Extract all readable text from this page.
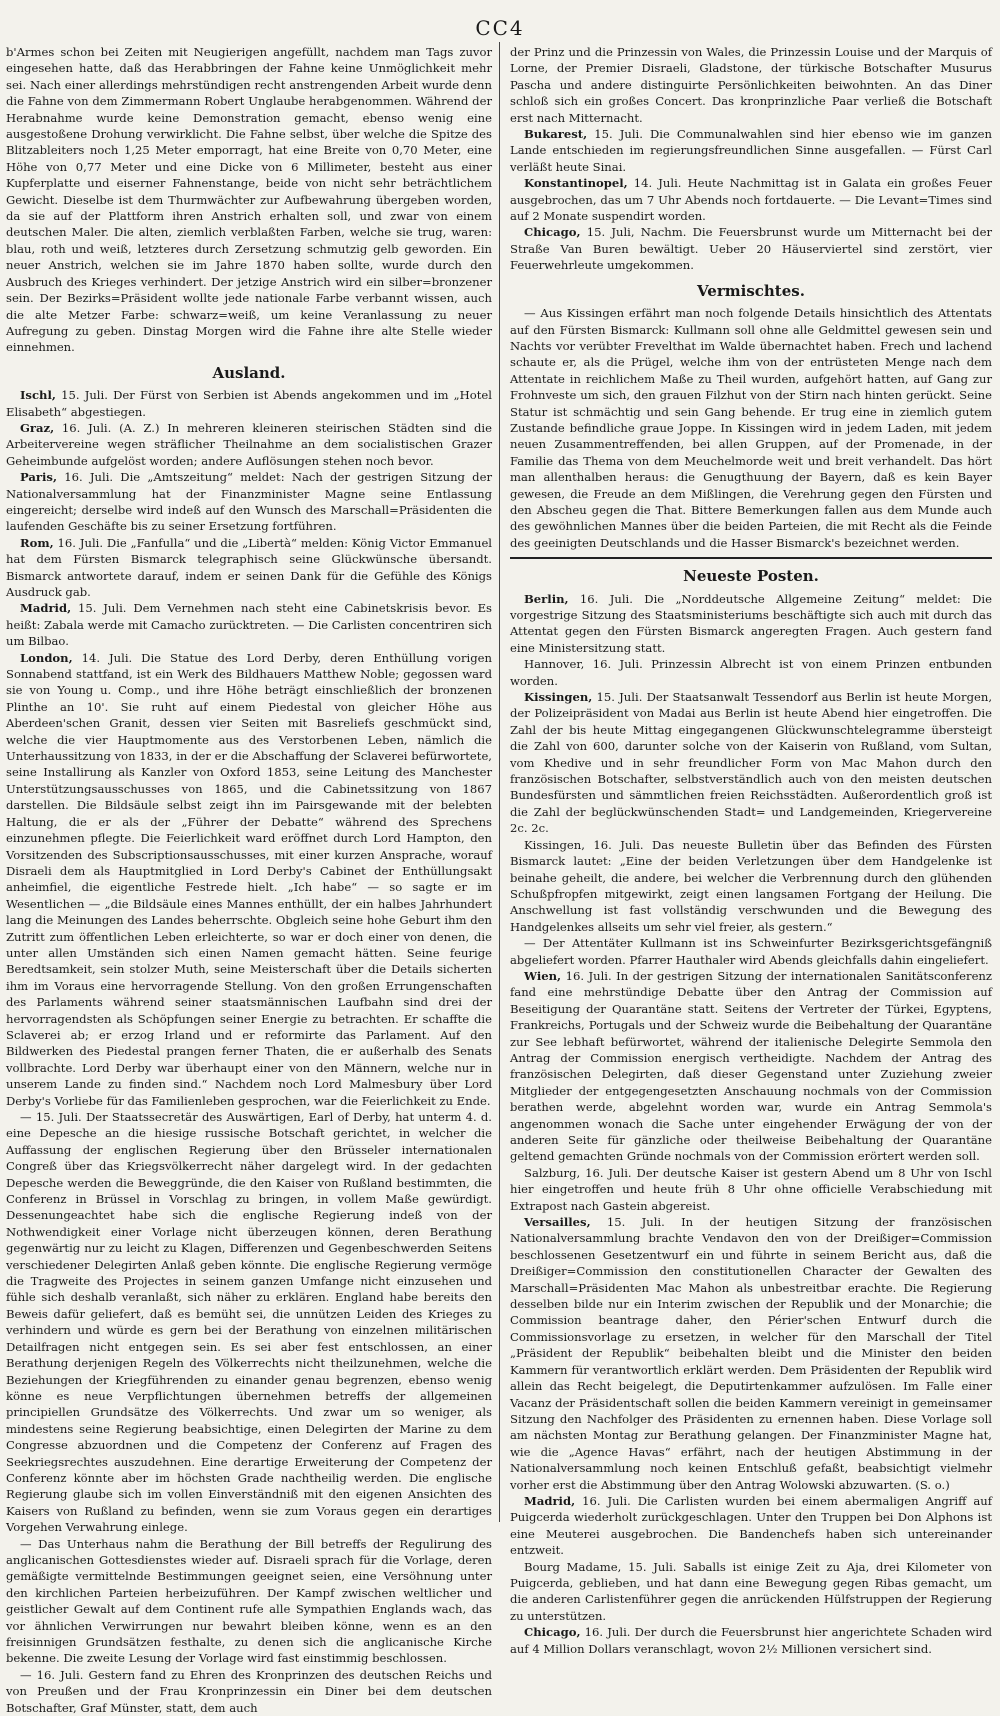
CC4

b'Armes schon bei Zeiten mit Neugierigen angefüllt, nachdem man Tags zuvor eingesehen hatte, daß das Herabbringen der Fahne keine Unmöglichkeit mehr sei. Nach einer allerdings mehrstündigen recht anstrengenden Arbeit wurde denn die Fahne von dem Zimmermann Robert Unglaube herabgenommen. Während der Herabnahme wurde keine Demonstration gemacht, ebenso wenig eine ausgestoßene Drohung verwirklicht. Die Fahne selbst, über welche die Spitze des Blitzableiters noch 1,25 Meter emporragt, hat eine Breite von 0,70 Meter, eine Höhe von 0,77 Meter und eine Dicke von 6 Millimeter, besteht aus einer Kupferplatte und eiserner Fahnenstange, beide von nicht sehr beträchtlichem Gewicht. Dieselbe ist dem Thurmwächter zur Aufbewahrung übergeben worden, da sie auf der Plattform ihren Anstrich erhalten soll, und zwar von einem deutschen Maler. Die alten, ziemlich verblaßten Farben, welche sie trug, waren: blau, roth und weiß, letzteres durch Zersetzung schmutzig gelb geworden. Ein neuer Anstrich, welchen sie im Jahre 1870 haben sollte, wurde durch den Ausbruch des Krieges verhindert. Der jetzige Anstrich wird ein silber=bronzener sein. Der Bezirks=Präsident wollte jede nationale Farbe verbannt wissen, auch die alte Metzer Farbe: schwarz=weiß, um keine Veranlassung zu neuer Aufregung zu geben. Dinstag Morgen wird die Fahne ihre alte Stelle wieder einnehmen.

Ausland.

Ischl, 15. Juli. Der Fürst von Serbien ist Abends angekommen und im „Hotel Elisabeth“ abgestiegen.

Graz, 16. Juli. (A. Z.) In mehreren kleineren steirischen Städten sind die Arbeitervereine wegen sträflicher Theilnahme an dem socialistischen Grazer Geheimbunde aufgelöst worden; andere Auflösungen stehen noch bevor.

Paris, 16. Juli. Die „Amtszeitung“ meldet: Nach der gestrigen Sitzung der Nationalversammlung hat der Finanzminister Magne seine Entlassung eingereicht; derselbe wird indeß auf den Wunsch des Marschall=Präsidenten die laufenden Geschäfte bis zu seiner Ersetzung fortführen.

Rom, 16. Juli. Die „Fanfulla“ und die „Libertà“ melden: König Victor Emmanuel hat dem Fürsten Bismarck telegraphisch seine Glückwünsche übersandt. Bismarck antwortete darauf, indem er seinen Dank für die Gefühle des Königs Ausdruck gab.

Madrid, 15. Juli. Dem Vernehmen nach steht eine Cabinetskrisis bevor. Es heißt: Zabala werde mit Camacho zurücktreten. — Die Carlisten concentriren sich um Bilbao.

London, 14. Juli. Die Statue des Lord Derby, deren Enthüllung vorigen Sonnabend stattfand, ist ein Werk des Bildhauers Matthew Noble; gegossen ward sie von Young u. Comp., und ihre Höhe beträgt einschließlich der bronzenen Plinthe an 10'. Sie ruht auf einem Piedestal von gleicher Höhe aus Aberdeen'schen Granit, dessen vier Seiten mit Basreliefs geschmückt sind, welche die vier Hauptmomente aus des Verstorbenen Leben, nämlich die Unterhaussitzung von 1833, in der er die Abschaffung der Sclaverei befürwortete, seine Installirung als Kanzler von Oxford 1853, seine Leitung des Manchester Unterstützungsausschusses von 1865, und die Cabinetssitzung von 1867 darstellen. Die Bildsäule selbst zeigt ihn im Pairsgewande mit der belebten Haltung, die er als der „Führer der Debatte“ während des Sprechens einzunehmen pflegte. Die Feierlichkeit ward eröffnet durch Lord Hampton, den Vorsitzenden des Subscriptionsausschusses, mit einer kurzen Ansprache, worauf Disraeli dem als Hauptmitglied in Lord Derby's Cabinet der Enthüllungsakt anheimfiel, die eigentliche Festrede hielt. „Ich habe“ — so sagte er im Wesentlichen — „die Bildsäule eines Mannes enthüllt, der ein halbes Jahrhundert lang die Meinungen des Landes beherrschte. Obgleich seine hohe Geburt ihm den Zutritt zum öffentlichen Leben erleichterte, so war er doch einer von denen, die unter allen Umständen sich einen Namen gemacht hätten. Seine feurige Beredtsamkeit, sein stolzer Muth, seine Meisterschaft über die Details sicherten ihm im Voraus eine hervorragende Stellung. Von den großen Errungenschaften des Parlaments während seiner staatsmännischen Laufbahn sind drei der hervorragendsten als Schöpfungen seiner Energie zu betrachten. Er schaffte die Sclaverei ab; er erzog Irland und er reformirte das Parlament. Auf den Bildwerken des Piedestal prangen ferner Thaten, die er außerhalb des Senats vollbrachte. Lord Derby war überhaupt einer von den Männern, welche nur in unserem Lande zu finden sind.“ Nachdem noch Lord Malmesbury über Lord Derby's Vorliebe für das Familienleben gesprochen, war die Feierlichkeit zu Ende.

— 15. Juli. Der Staatssecretär des Auswärtigen, Earl of Derby, hat unterm 4. d. eine Depesche an die hiesige russische Botschaft gerichtet, in welcher die Auffassung der englischen Regierung über den Brüsseler internationalen Congreß über das Kriegsvölkerrecht näher dargelegt wird. In der gedachten Depesche werden die Beweggründe, die den Kaiser von Rußland bestimmten, die Conferenz in Brüssel in Vorschlag zu bringen, in vollem Maße gewürdigt. Dessenungeachtet habe sich die englische Regierung indeß von der Nothwendigkeit einer Vorlage nicht überzeugen können, deren Berathung gegenwärtig nur zu leicht zu Klagen, Differenzen und Gegenbeschwerden Seitens verschiedener Delegirten Anlaß geben könnte. Die englische Regierung vermöge die Tragweite des Projectes in seinem ganzen Umfange nicht einzusehen und fühle sich deshalb veranlaßt, sich näher zu erklären. England habe bereits den Beweis dafür geliefert, daß es bemüht sei, die unnützen Leiden des Krieges zu verhindern und würde es gern bei der Berathung von einzelnen militärischen Detailfragen nicht entgegen sein. Es sei aber fest entschlossen, an einer Berathung derjenigen Regeln des Völkerrechts nicht theilzunehmen, welche die Beziehungen der Kriegführenden zu einander genau begrenzen, ebenso wenig könne es neue Verpflichtungen übernehmen betreffs der allgemeinen principiellen Grundsätze des Völkerrechts. Und zwar um so weniger, als mindestens seine Regierung beabsichtige, einen Delegirten der Marine zu dem Congresse abzuordnen und die Competenz der Conferenz auf Fragen des Seekriegsrechtes auszudehnen. Eine derartige Erweiterung der Competenz der Conferenz könnte aber im höchsten Grade nachtheilig werden. Die englische Regierung glaube sich im vollen Einverständniß mit den eigenen Ansichten des Kaisers von Rußland zu befinden, wenn sie zum Voraus gegen ein derartiges Vorgehen Verwahrung einlege.

— Das Unterhaus nahm die Berathung der Bill betreffs der Regulirung des anglicanischen Gottesdienstes wieder auf. Disraeli sprach für die Vorlage, deren gemäßigte vermittelnde Bestimmungen geeignet seien, eine Versöhnung unter den kirchlichen Parteien herbeizuführen. Der Kampf zwischen weltlicher und geistlicher Gewalt auf dem Continent rufe alle Sympathien Englands wach, das vor ähnlichen Verwirrungen nur bewahrt bleiben könne, wenn es an den freisinnigen Grundsätzen festhalte, zu denen sich die anglicanische Kirche bekenne. Die zweite Lesung der Vorlage wird fast einstimmig beschlossen.

— 16. Juli. Gestern fand zu Ehren des Kronprinzen des deutschen Reichs und von Preußen und der Frau Kronprinzessin ein Diner bei dem deutschen Botschafter, Graf Münster, statt, dem auch

der Prinz und die Prinzessin von Wales, die Prinzessin Louise und der Marquis of Lorne, der Premier Disraeli, Gladstone, der türkische Botschafter Musurus Pascha und andere distinguirte Persönlichkeiten beiwohnten. An das Diner schloß sich ein großes Concert. Das kronprinzliche Paar verließ die Botschaft erst nach Mitternacht.

Bukarest, 15. Juli. Die Communalwahlen sind hier ebenso wie im ganzen Lande entschieden im regierungsfreundlichen Sinne ausgefallen. — Fürst Carl verläßt heute Sinai.

Konstantinopel, 14. Juli. Heute Nachmittag ist in Galata ein großes Feuer ausgebrochen, das um 7 Uhr Abends noch fortdauerte. — Die Levant=Times sind auf 2 Monate suspendirt worden.

Chicago, 15. Juli, Nachm. Die Feuersbrunst wurde um Mitternacht bei der Straße Van Buren bewältigt. Ueber 20 Häuserviertel sind zerstört, vier Feuerwehrleute umgekommen.

Vermischtes.

— Aus Kissingen erfährt man noch folgende Details hinsichtlich des Attentats auf den Fürsten Bismarck: Kullmann soll ohne alle Geldmittel gewesen sein und Nachts vor verübter Frevelthat im Walde übernachtet haben. Frech und lachend schaute er, als die Prügel, welche ihm von der entrüsteten Menge nach dem Attentate in reichlichem Maße zu Theil wurden, aufgehört hatten, auf Gang zur Frohnveste um sich, den grauen Filzhut von der Stirn nach hinten gerückt. Seine Statur ist schmächtig und sein Gang behende. Er trug eine in ziemlich gutem Zustande befindliche graue Joppe. In Kissingen wird in jedem Laden, mit jedem neuen Zusammentreffenden, bei allen Gruppen, auf der Promenade, in der Familie das Thema von dem Meuchelmorde weit und breit verhandelt. Das hört man allenthalben heraus: die Genugthuung der Bayern, daß es kein Bayer gewesen, die Freude an dem Mißlingen, die Verehrung gegen den Fürsten und den Abscheu gegen die That. Bittere Bemerkungen fallen aus dem Munde auch des gewöhnlichen Mannes über die beiden Parteien, die mit Recht als die Feinde des geeinigten Deutschlands und die Hasser Bismarck's bezeichnet werden.

Neueste Posten.

Berlin, 16. Juli. Die „Norddeutsche Allgemeine Zeitung“ meldet: Die vorgestrige Sitzung des Staatsministeriums beschäftigte sich auch mit durch das Attentat gegen den Fürsten Bismarck angeregten Fragen. Auch gestern fand eine Ministersitzung statt.

Hannover, 16. Juli. Prinzessin Albrecht ist von einem Prinzen entbunden worden.

Kissingen, 15. Juli. Der Staatsanwalt Tessendorf aus Berlin ist heute Morgen, der Polizeipräsident von Madai aus Berlin ist heute Abend hier eingetroffen. Die Zahl der bis heute Mittag eingegangenen Glückwunschtelegramme übersteigt die Zahl von 600, darunter solche von der Kaiserin von Rußland, vom Sultan, vom Khedive und in sehr freundlicher Form von Mac Mahon durch den französischen Botschafter, selbstverständlich auch von den meisten deutschen Bundesfürsten und sämmtlichen freien Reichsstädten. Außerordentlich groß ist die Zahl der beglückwünschenden Stadt= und Landgemeinden, Kriegervereine 2c. 2c.

Kissingen, 16. Juli. Das neueste Bulletin über das Befinden des Fürsten Bismarck lautet: „Eine der beiden Verletzungen über dem Handgelenke ist beinahe geheilt, die andere, bei welcher die Verbrennung durch den glühenden Schußpfropfen mitgewirkt, zeigt einen langsamen Fortgang der Heilung. Die Anschwellung ist fast vollständig verschwunden und die Bewegung des Handgelenkes allseits um sehr viel freier, als gestern.“

— Der Attentäter Kullmann ist ins Schweinfurter Bezirksgerichtsgefängniß abgeliefert worden. Pfarrer Hauthaler wird Abends gleichfalls dahin eingeliefert.

Wien, 16. Juli. In der gestrigen Sitzung der internationalen Sanitätsconferenz fand eine mehrstündige Debatte über den Antrag der Commission auf Beseitigung der Quarantäne statt. Seitens der Vertreter der Türkei, Egyptens, Frankreichs, Portugals und der Schweiz wurde die Beibehaltung der Quarantäne zur See lebhaft befürwortet, während der italienische Delegirte Semmola den Antrag der Commission energisch vertheidigte. Nachdem der Antrag des französischen Delegirten, daß dieser Gegenstand unter Zuziehung zweier Mitglieder der entgegengesetzten Anschauung nochmals von der Commission berathen werde, abgelehnt worden war, wurde ein Antrag Semmola's angenommen wonach die Sache unter eingehender Erwägung der von der anderen Seite für gänzliche oder theilweise Beibehaltung der Quarantäne geltend gemachten Gründe nochmals von der Commission erörtert werden soll.

Salzburg, 16. Juli. Der deutsche Kaiser ist gestern Abend um 8 Uhr von Ischl hier eingetroffen und heute früh 8 Uhr ohne officielle Verabschiedung mit Extrapost nach Gastein abgereist.

Versailles, 15. Juli. In der heutigen Sitzung der französischen Nationalversammlung brachte Vendavon den von der Dreißiger=Commission beschlossenen Gesetzentwurf ein und führte in seinem Bericht aus, daß die Dreißiger=Commission den constitutionellen Character der Gewalten des Marschall=Präsidenten Mac Mahon als unbestreitbar erachte. Die Regierung desselben bilde nur ein Interim zwischen der Republik und der Monarchie; die Commission beantrage daher, den Périer'schen Entwurf durch die Commissionsvorlage zu ersetzen, in welcher für den Marschall der Titel „Präsident der Republik“ beibehalten bleibt und die Minister den beiden Kammern für verantwortlich erklärt werden. Dem Präsidenten der Republik wird allein das Recht beigelegt, die Deputirtenkammer aufzulösen. Im Falle einer Vacanz der Präsidentschaft sollen die beiden Kammern vereinigt in gemeinsamer Sitzung den Nachfolger des Präsidenten zu ernennen haben. Diese Vorlage soll am nächsten Montag zur Berathung gelangen. Der Finanzminister Magne hat, wie die „Agence Havas“ erfährt, nach der heutigen Abstimmung in der Nationalversammlung noch keinen Entschluß gefaßt, beabsichtigt vielmehr vorher erst die Abstimmung über den Antrag Wolowski abzuwarten. (S. o.)

Madrid, 16. Juli. Die Carlisten wurden bei einem abermaligen Angriff auf Puigcerda wiederholt zurückgeschlagen. Unter den Truppen bei Don Alphons ist eine Meuterei ausgebrochen. Die Bandenchefs haben sich untereinander entzweit.

Bourg Madame, 15. Juli. Saballs ist einige Zeit zu Aja, drei Kilometer von Puigcerda, geblieben, und hat dann eine Bewegung gegen Ribas gemacht, um die anderen Carlistenführer gegen die anrückenden Hülfstruppen der Regierung zu unterstützen.

Chicago, 16. Juli. Der durch die Feuersbrunst hier angerichtete Schaden wird auf 4 Million Dollars veranschlagt, wovon 2½ Millionen versichert sind.
